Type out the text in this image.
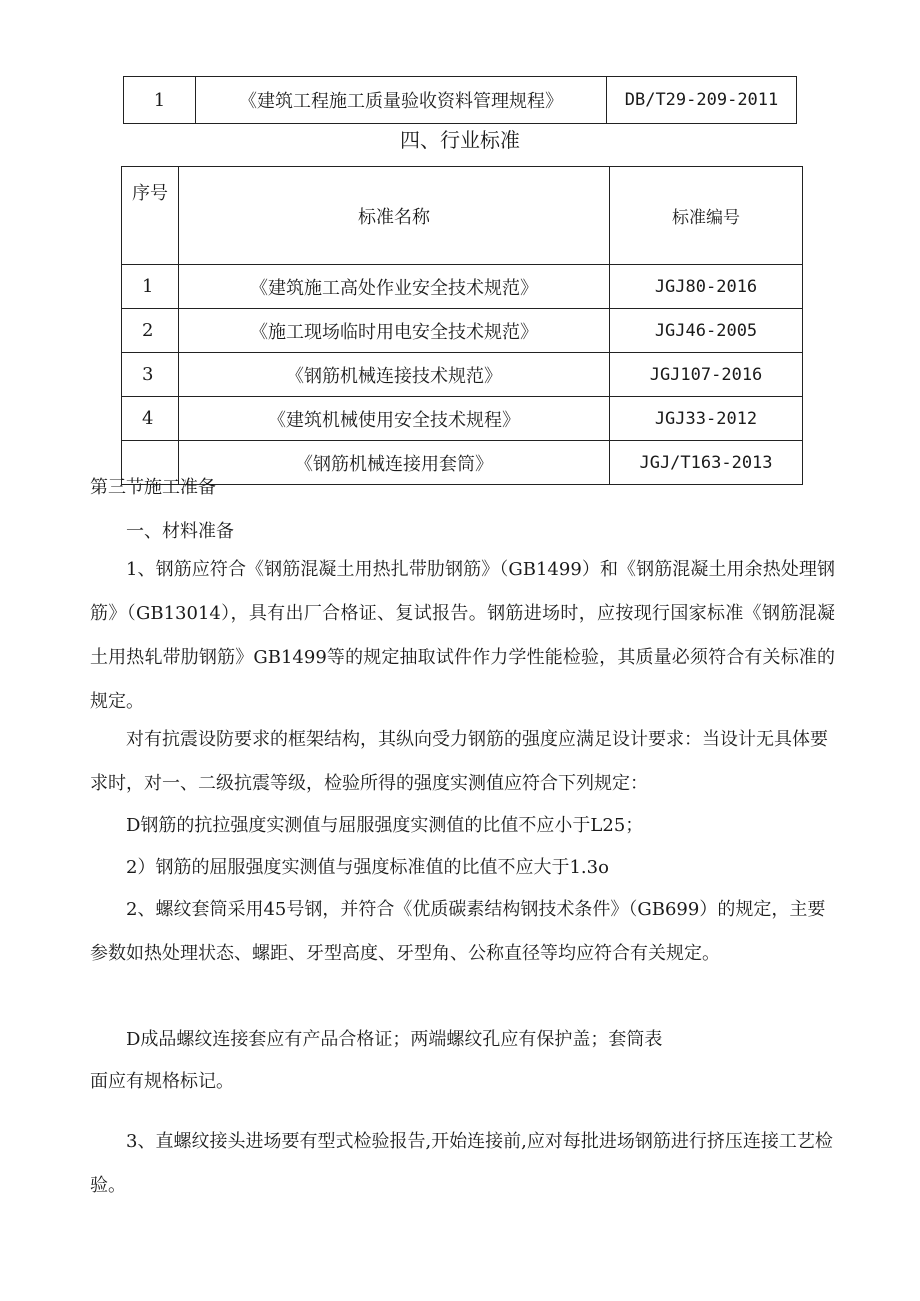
1	《建筑工程施工质量验收资料管理规程》	DB/T29-209-2011
四、行业标准
序号	标准名称	标准编号
1	《建筑施工高处作业安全技术规范》	JGJ80-2016
2	《施工现场临时用电安全技术规范》	JGJ46-2005
3	《钢筋机械连接技术规范》	JGJ107-2016
4	《建筑机械使用安全技术规程》	JGJ33-2012
	《钢筋机械连接用套筒》	JGJ/T163-2013
第三节施工准备
一、材料准备
1、钢筋应符合《钢筋混凝土用热扎带肋钢筋》（GB1499）和《钢筋混凝土用余热处理钢筋》（GB13014），具有出厂合格证、复试报告。钢筋进场时，应按现行国家标准《钢筋混凝土用热轧带肋钢筋》GB1499等的规定抽取试件作力学性能检验，其质量必须符合有关标准的规定。
对有抗震设防要求的框架结构，其纵向受力钢筋的强度应满足设计要求：当设计无具体要求时，对一、二级抗震等级，检验所得的强度实测值应符合下列规定：
D钢筋的抗拉强度实测值与屈服强度实测值的比值不应小于L25；
2）钢筋的屈服强度实测值与强度标准值的比值不应大于1.3o
2、螺纹套筒采用45号钢，并符合《优质碳素结构钢技术条件》（GB699）的规定，主要参数如热处理状态、螺距、牙型高度、牙型角、公称直径等均应符合有关规定。
D成品螺纹连接套应有产品合格证；两端螺纹孔应有保护盖；套筒表
面应有规格标记。
3、直螺纹接头进场要有型式检验报告,开始连接前,应对每批进场钢筋进行挤压连接工艺检验。
